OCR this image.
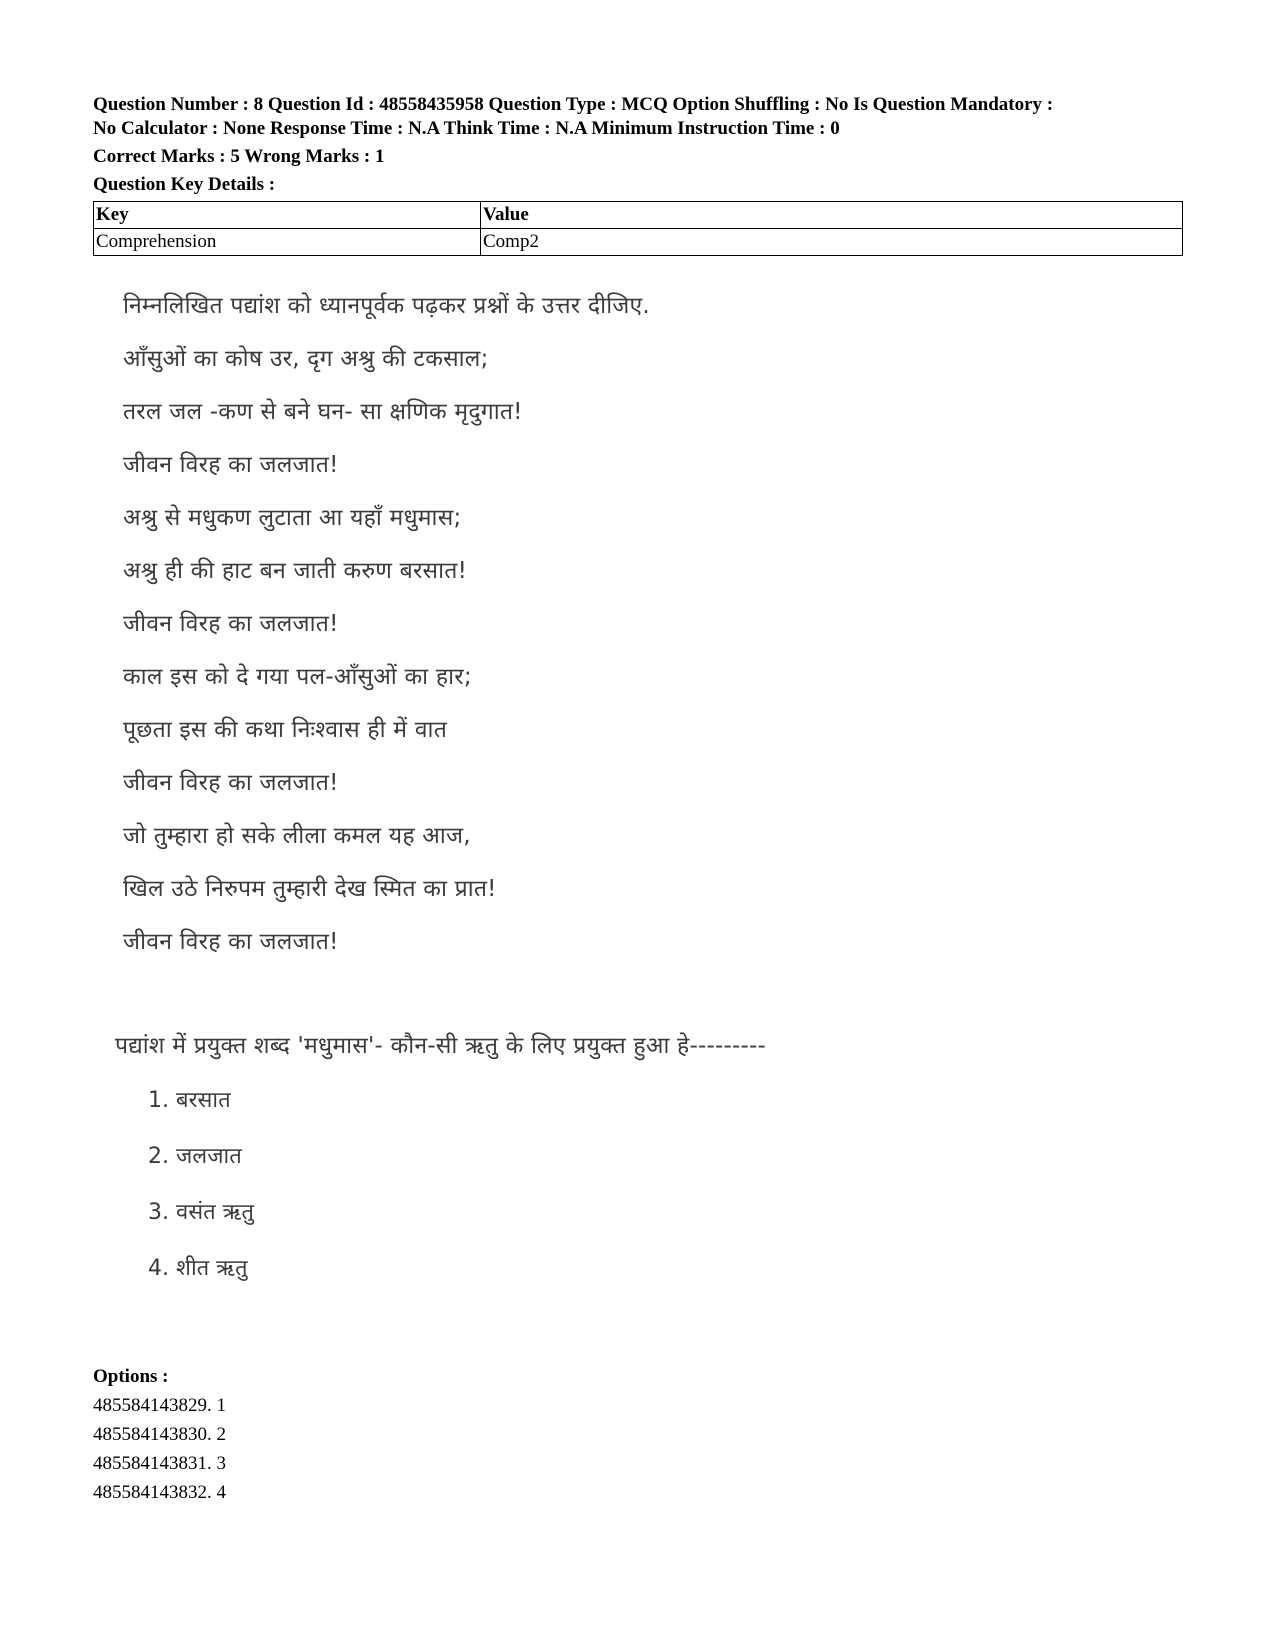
Question Number : 8 Question Id : 48558435958 Question Type : MCQ Option Shuffling : No Is Question Mandatory :

No Calculator : None Response Time : N.A Think Time : N.A Minimum Instruction Time : 0

Correct Marks : 5 Wrong Marks : 1

Question Key Details :

Key	Value
Comprehension	Comp2

निम्नलिखित पद्यांश को ध्यानपूर्वक पढ़कर प्रश्नों के उत्तर दीजिए.

आँसुओं का कोष उर, दृग अश्रु की टकसाल;

तरल जल -कण से बने घन- सा क्षणिक मृदुगात!

जीवन विरह का जलजात!

अश्रु से मधुकण लुटाता आ यहाँ मधुमास;

अश्रु ही की हाट बन जाती करुण बरसात!

जीवन विरह का जलजात!

काल इस को दे गया पल-आँसुओं का हार;

पूछता इस की कथा निःश्वास ही में वात

जीवन विरह का जलजात!

जो तुम्हारा हो सके लीला कमल यह आज,

खिल उठे निरुपम तुम्हारी देख स्मित का प्रात!

जीवन विरह का जलजात!

पद्यांश में प्रयुक्त शब्द 'मधुमास'- कौन-सी ऋतु के लिए प्रयुक्त हुआ हे---------

1. बरसात
2. जलजात
3. वसंत ऋतु
4. शीत ऋतु
Options :

485584143829. 1

485584143830. 2

485584143831. 3

485584143832. 4
